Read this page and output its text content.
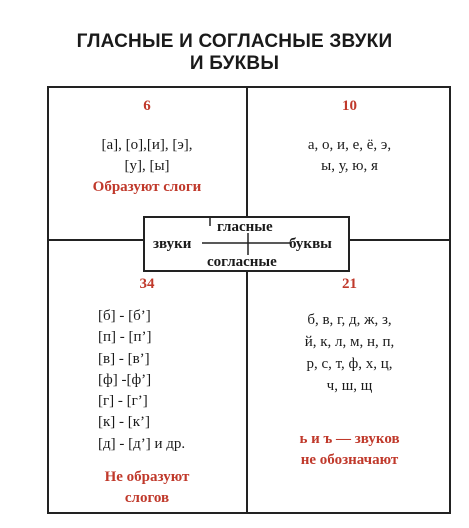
ГЛАСНЫЕ И СОГЛАСНЫЕ ЗВУКИ
И БУКВЫ
6
[а], [о],[и], [э],
[у], [ы]
Образуют слоги
10
а, о, и, е, ё, э,
ы, у, ю, я
гласные
звуки	буквы
согласные
34
[б] - [б’]
[п] - [п’]
[в] - [в’]
[ф] -[ф’]
[г] - [г’]
[к] - [к’]
[д] - [д’] и др.
Не образуют
слогов
21
б, в, г, д, ж, з,
й, к, л, м, н, п,
р, с, т, ф, х, ц,
ч, ш, щ
ь и ъ — звуков
не обозначают
